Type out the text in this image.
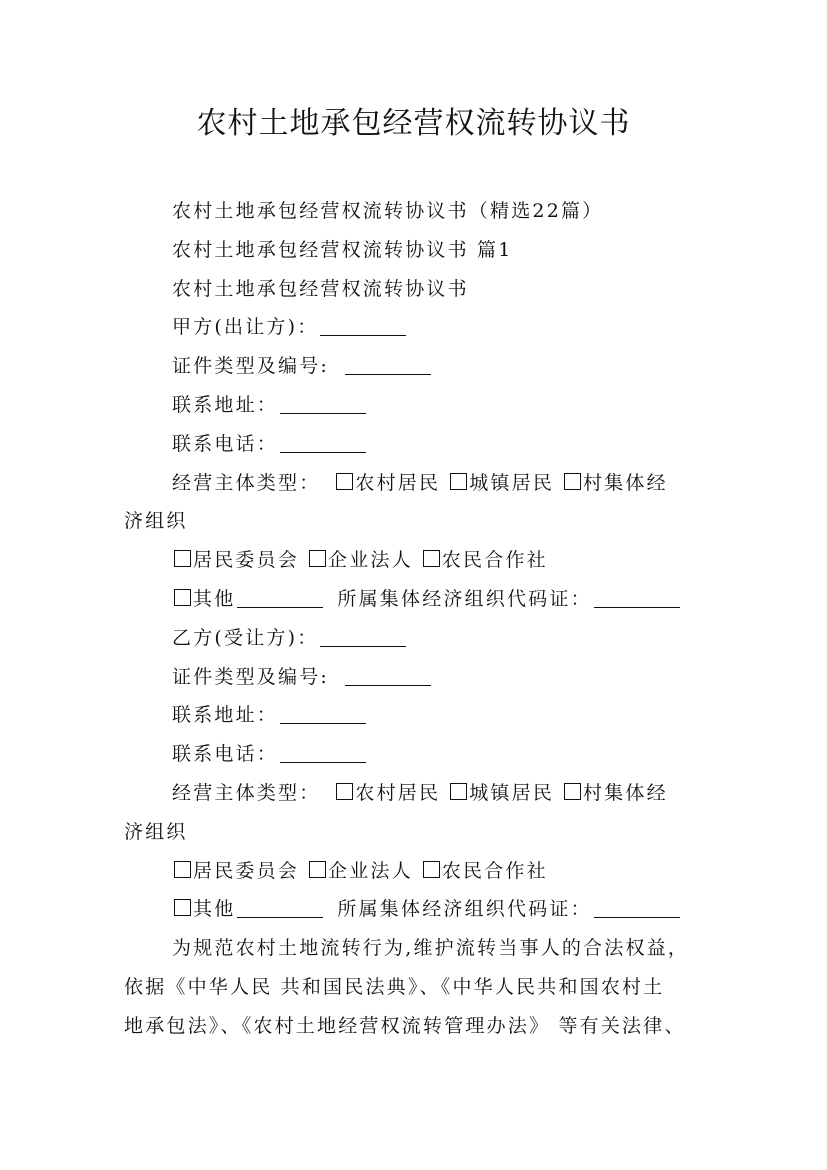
农村土地承包经营权流转协议书
农村土地承包经营权流转协议书（精选22篇）
农村土地承包经营权流转协议书 篇1
农村土地承包经营权流转协议书
甲方(出让方)：
证件类型及编号:
联系地址：
联系电话：
经营主体类型： 农村居民 城镇居民 村集体经
济组织
居民委员会 企业法人 农民合作社
其他	所属集体经济组织代码证：
乙方(受让方)：
证件类型及编号:
联系地址：
联系电话：
经营主体类型： 农村居民 城镇居民 村集体经
济组织
居民委员会 企业法人 农民合作社
其他	所属集体经济组织代码证：
为规范农村土地流转行为,维护流转当事人的合法权益，
依据《中华人民 共和国民法典》、《中华人民共和国农村土
地承包法》、《农村土地经营权流转管理办法》 等有关法律、
